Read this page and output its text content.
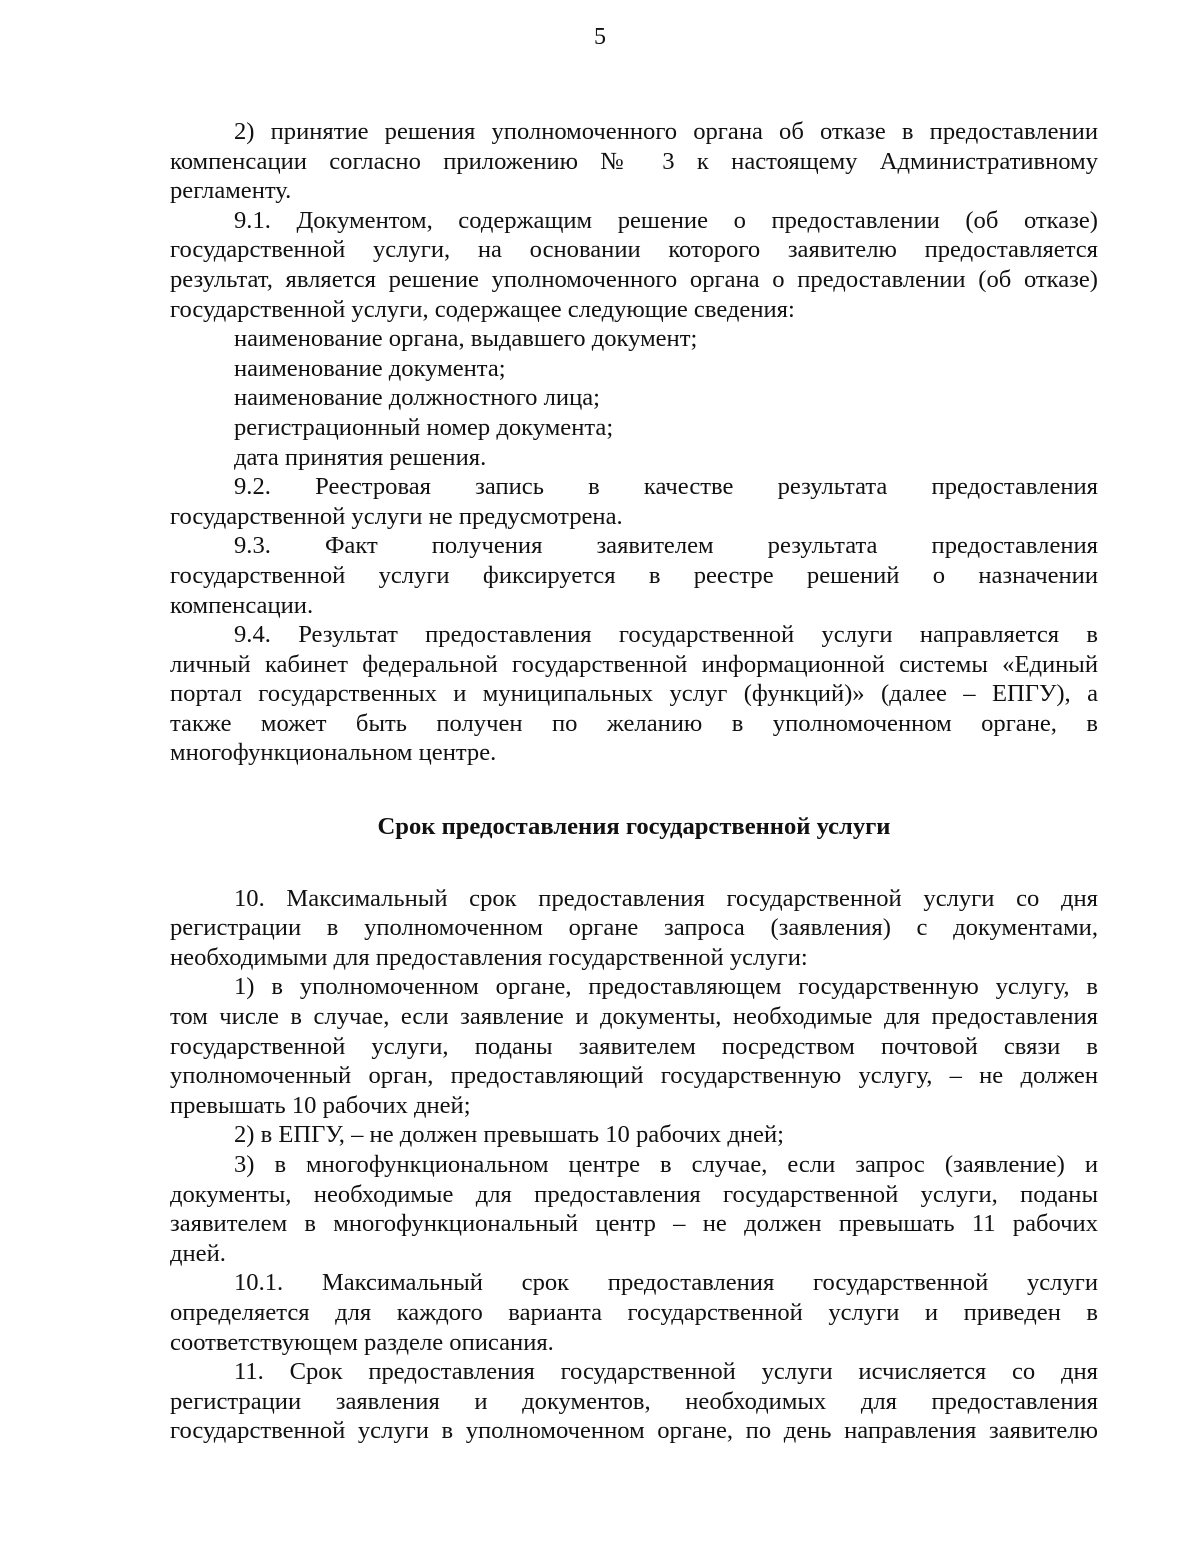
5
2) принятие решения уполномоченного органа об отказе в предоставлении
компенсации согласно приложению № 3 к настоящему Административному
регламенту.
9.1. Документом, содержащим решение о предоставлении (об отказе)
государственной услуги, на основании которого заявителю предоставляется
результат, является решение уполномоченного органа о предоставлении (об отказе)
государственной услуги, содержащее следующие сведения:
наименование органа, выдавшего документ;
наименование документа;
наименование должностного лица;
регистрационный номер документа;
дата принятия решения.
9.2. Реестровая запись в качестве результата предоставления
государственной услуги не предусмотрена.
9.3. Факт получения заявителем результата предоставления
государственной услуги фиксируется в реестре решений о назначении
компенсации.
9.4. Результат предоставления государственной услуги направляется в
личный кабинет федеральной государственной информационной системы «Единый
портал государственных и муниципальных услуг (функций)» (далее – ЕПГУ), а
также может быть получен по желанию в уполномоченном органе, в
многофункциональном центре.
Срок предоставления государственной услуги
10. Максимальный срок предоставления государственной услуги со дня
регистрации в уполномоченном органе запроса (заявления) с документами,
необходимыми для предоставления государственной услуги:
1) в уполномоченном органе, предоставляющем государственную услугу, в
том числе в случае, если заявление и документы, необходимые для предоставления
государственной услуги, поданы заявителем посредством почтовой связи в
уполномоченный орган, предоставляющий государственную услугу, – не должен
превышать 10 рабочих дней;
2) в ЕПГУ, – не должен превышать 10 рабочих дней;
3) в многофункциональном центре в случае, если запрос (заявление) и
документы, необходимые для предоставления государственной услуги, поданы
заявителем в многофункциональный центр – не должен превышать 11 рабочих
дней.
10.1. Максимальный срок предоставления государственной услуги
определяется для каждого варианта государственной услуги и приведен в
соответствующем разделе описания.
11. Срок предоставления государственной услуги исчисляется со дня
регистрации заявления и документов, необходимых для предоставления
государственной услуги в уполномоченном органе, по день направления заявителю
